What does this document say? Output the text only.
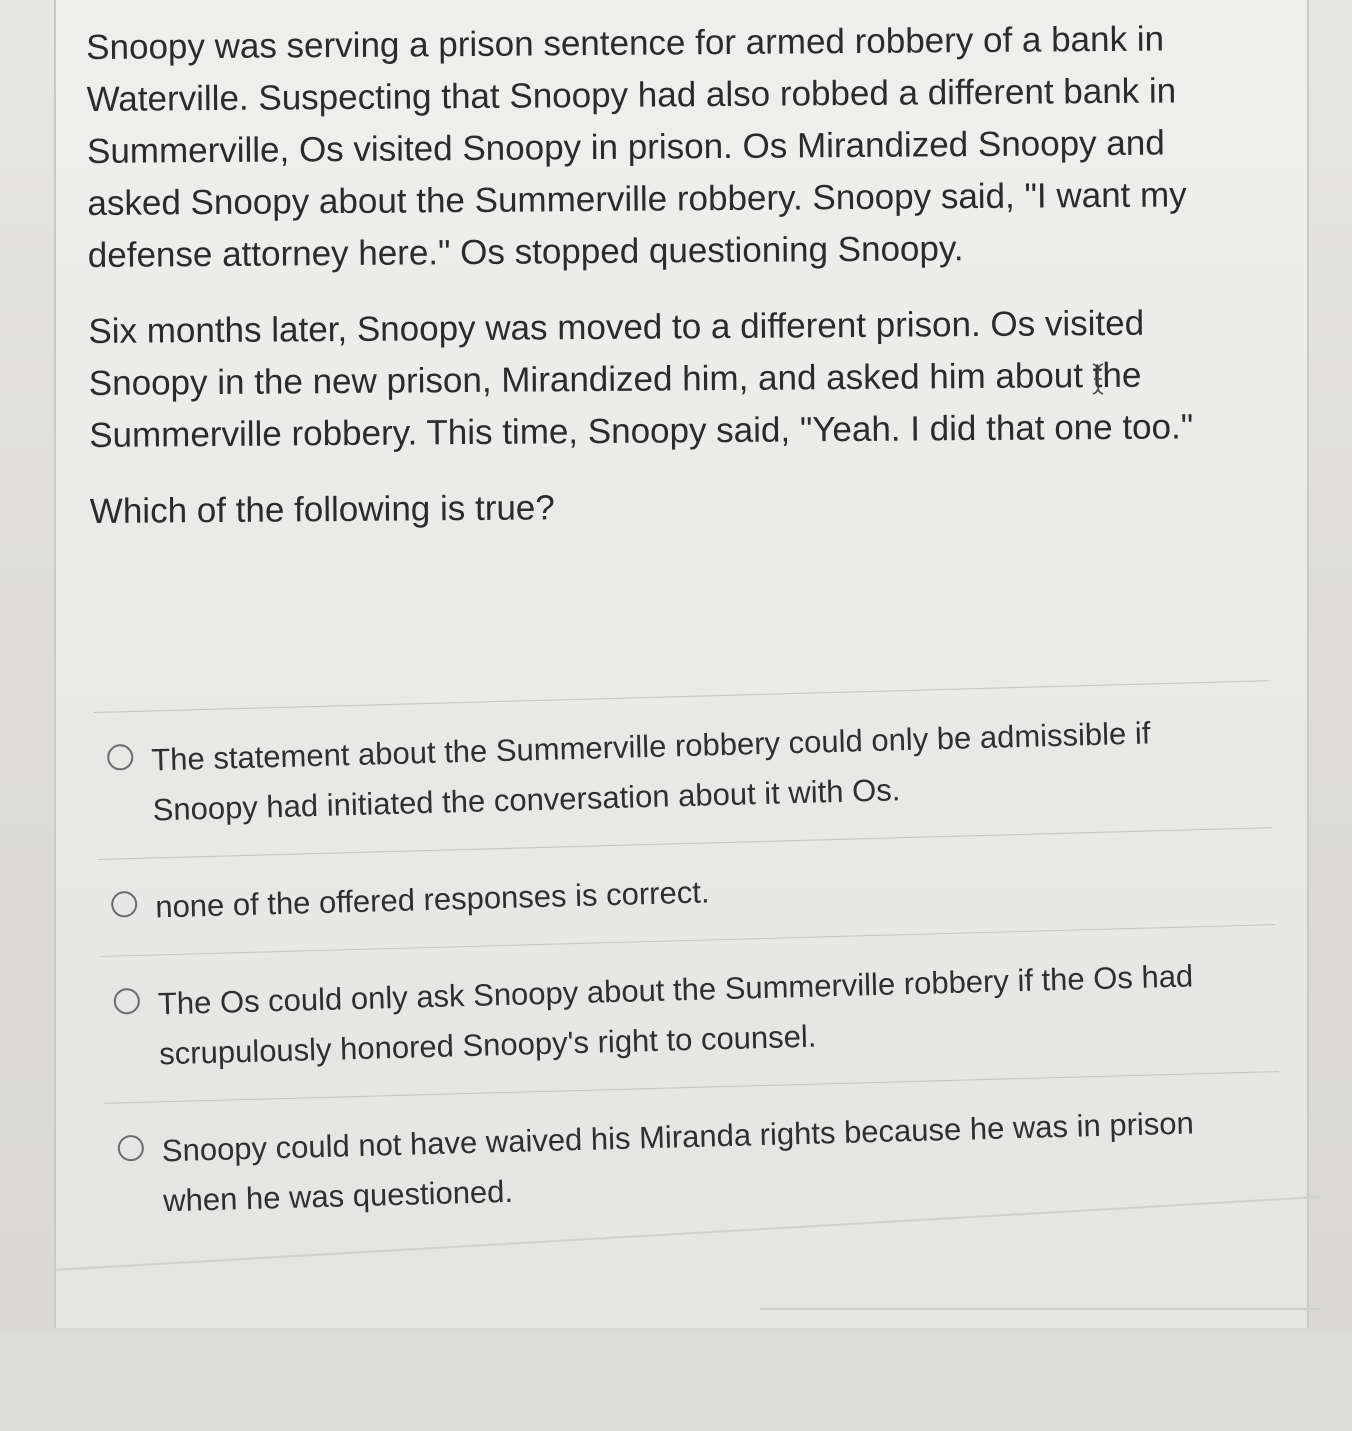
Snoopy was serving a prison sentence for armed robbery of a bank in Waterville. Suspecting that Snoopy had also robbed a different bank in Summerville, Os visited Snoopy in prison. Os Mirandized Snoopy and asked Snoopy about the Summerville robbery. Snoopy said, "I want my defense attorney here." Os stopped questioning Snoopy.

Six months later, Snoopy was moved to a different prison. Os visited Snoopy in the new prison, Mirandized him, and asked him about the Summerville robbery. This time, Snoopy said, "Yeah. I did that one too."

Which of the following is true?

The statement about the Summerville robbery could only be admissible if Snoopy had initiated the conversation about it with Os.
none of the offered responses is correct.
The Os could only ask Snoopy about the Summerville robbery if the Os had scrupulously honored Snoopy's right to counsel.
Snoopy could not have waived his Miranda rights because he was in prison when he was questioned.
